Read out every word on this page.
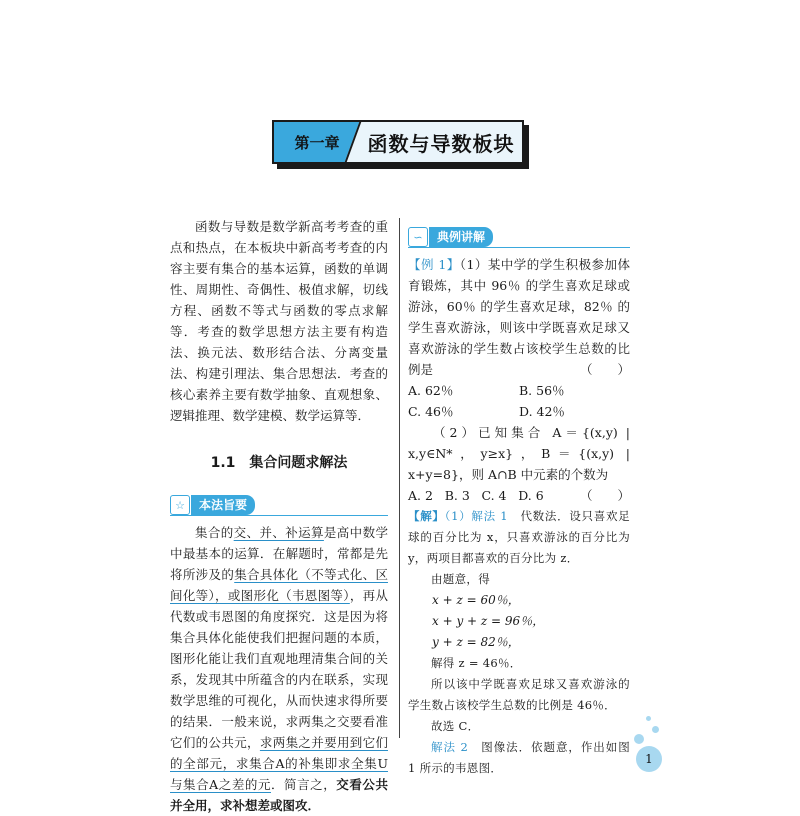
第一章	函数与导数板块

函数与导数是数学新高考考查的重点和热点，在本板块中新高考考查的内容主要有集合的基本运算，函数的单调性、周期性、奇偶性、极值求解，切线方程、函数不等式与函数的零点求解等．考查的数学思想方法主要有构造法、换元法、数形结合法、分离变量法、构建引理法、集合思想法．考查的核心素养主要有数学抽象、直观想象、逻辑推理、数学建模、数学运算等．

1.1　集合问题求解法
☆	本法旨要

集合的交、并、补运算是高中数学中最基本的运算．在解题时，常都是先将所涉及的集合具体化（不等式化、区间化等），或图形化（韦恩图等），再从代数或韦恩图的角度探究．这是因为将集合具体化能使我们把握问题的本质，图形化能让我们直观地理清集合间的关系，发现其中所蕴含的内在联系，实现数学思维的可视化，从而快速求得所要的结果．一般来说，求两集之交要看准它们的公共元，求两集之并要用到它们的全部元，求集合A的补集即求全集U与集合A之差的元．简言之，交看公共并全用，求补想差或图攻．

∽	典例讲解

【例 1】（1）某中学的学生积极参加体育锻炼，其中 96％ 的学生喜欢足球或游泳，60％ 的学生喜欢足球，82％ 的学生喜欢游泳，则该中学既喜欢足球又喜欢游泳的学生数占该校学生总数的比例是	（　　）

A. 62％	B. 56％
C. 46％	D. 42％

（2）已知集合 A＝{(x,y) | x,y∈N*，y≥x}，B＝{(x,y) | x+y=8}，则 A∩B 中元素的个数为
（　　）

A. 2 B. 3 C. 4 D. 6

【解】（1）解法 1　代数法．设只喜欢足球的百分比为 x，只喜欢游泳的百分比为 y，两项目都喜欢的百分比为 z．

由题意，得

x + z = 60％，

x + y + z = 96％，

y + z = 82％，

解得 z = 46％．

所以该中学既喜欢足球又喜欢游泳的学生数占该校学生总数的比例是 46％．

故选 C．

解法 2　图像法．依题意，作出如图 1 所示的韦恩图．

1
